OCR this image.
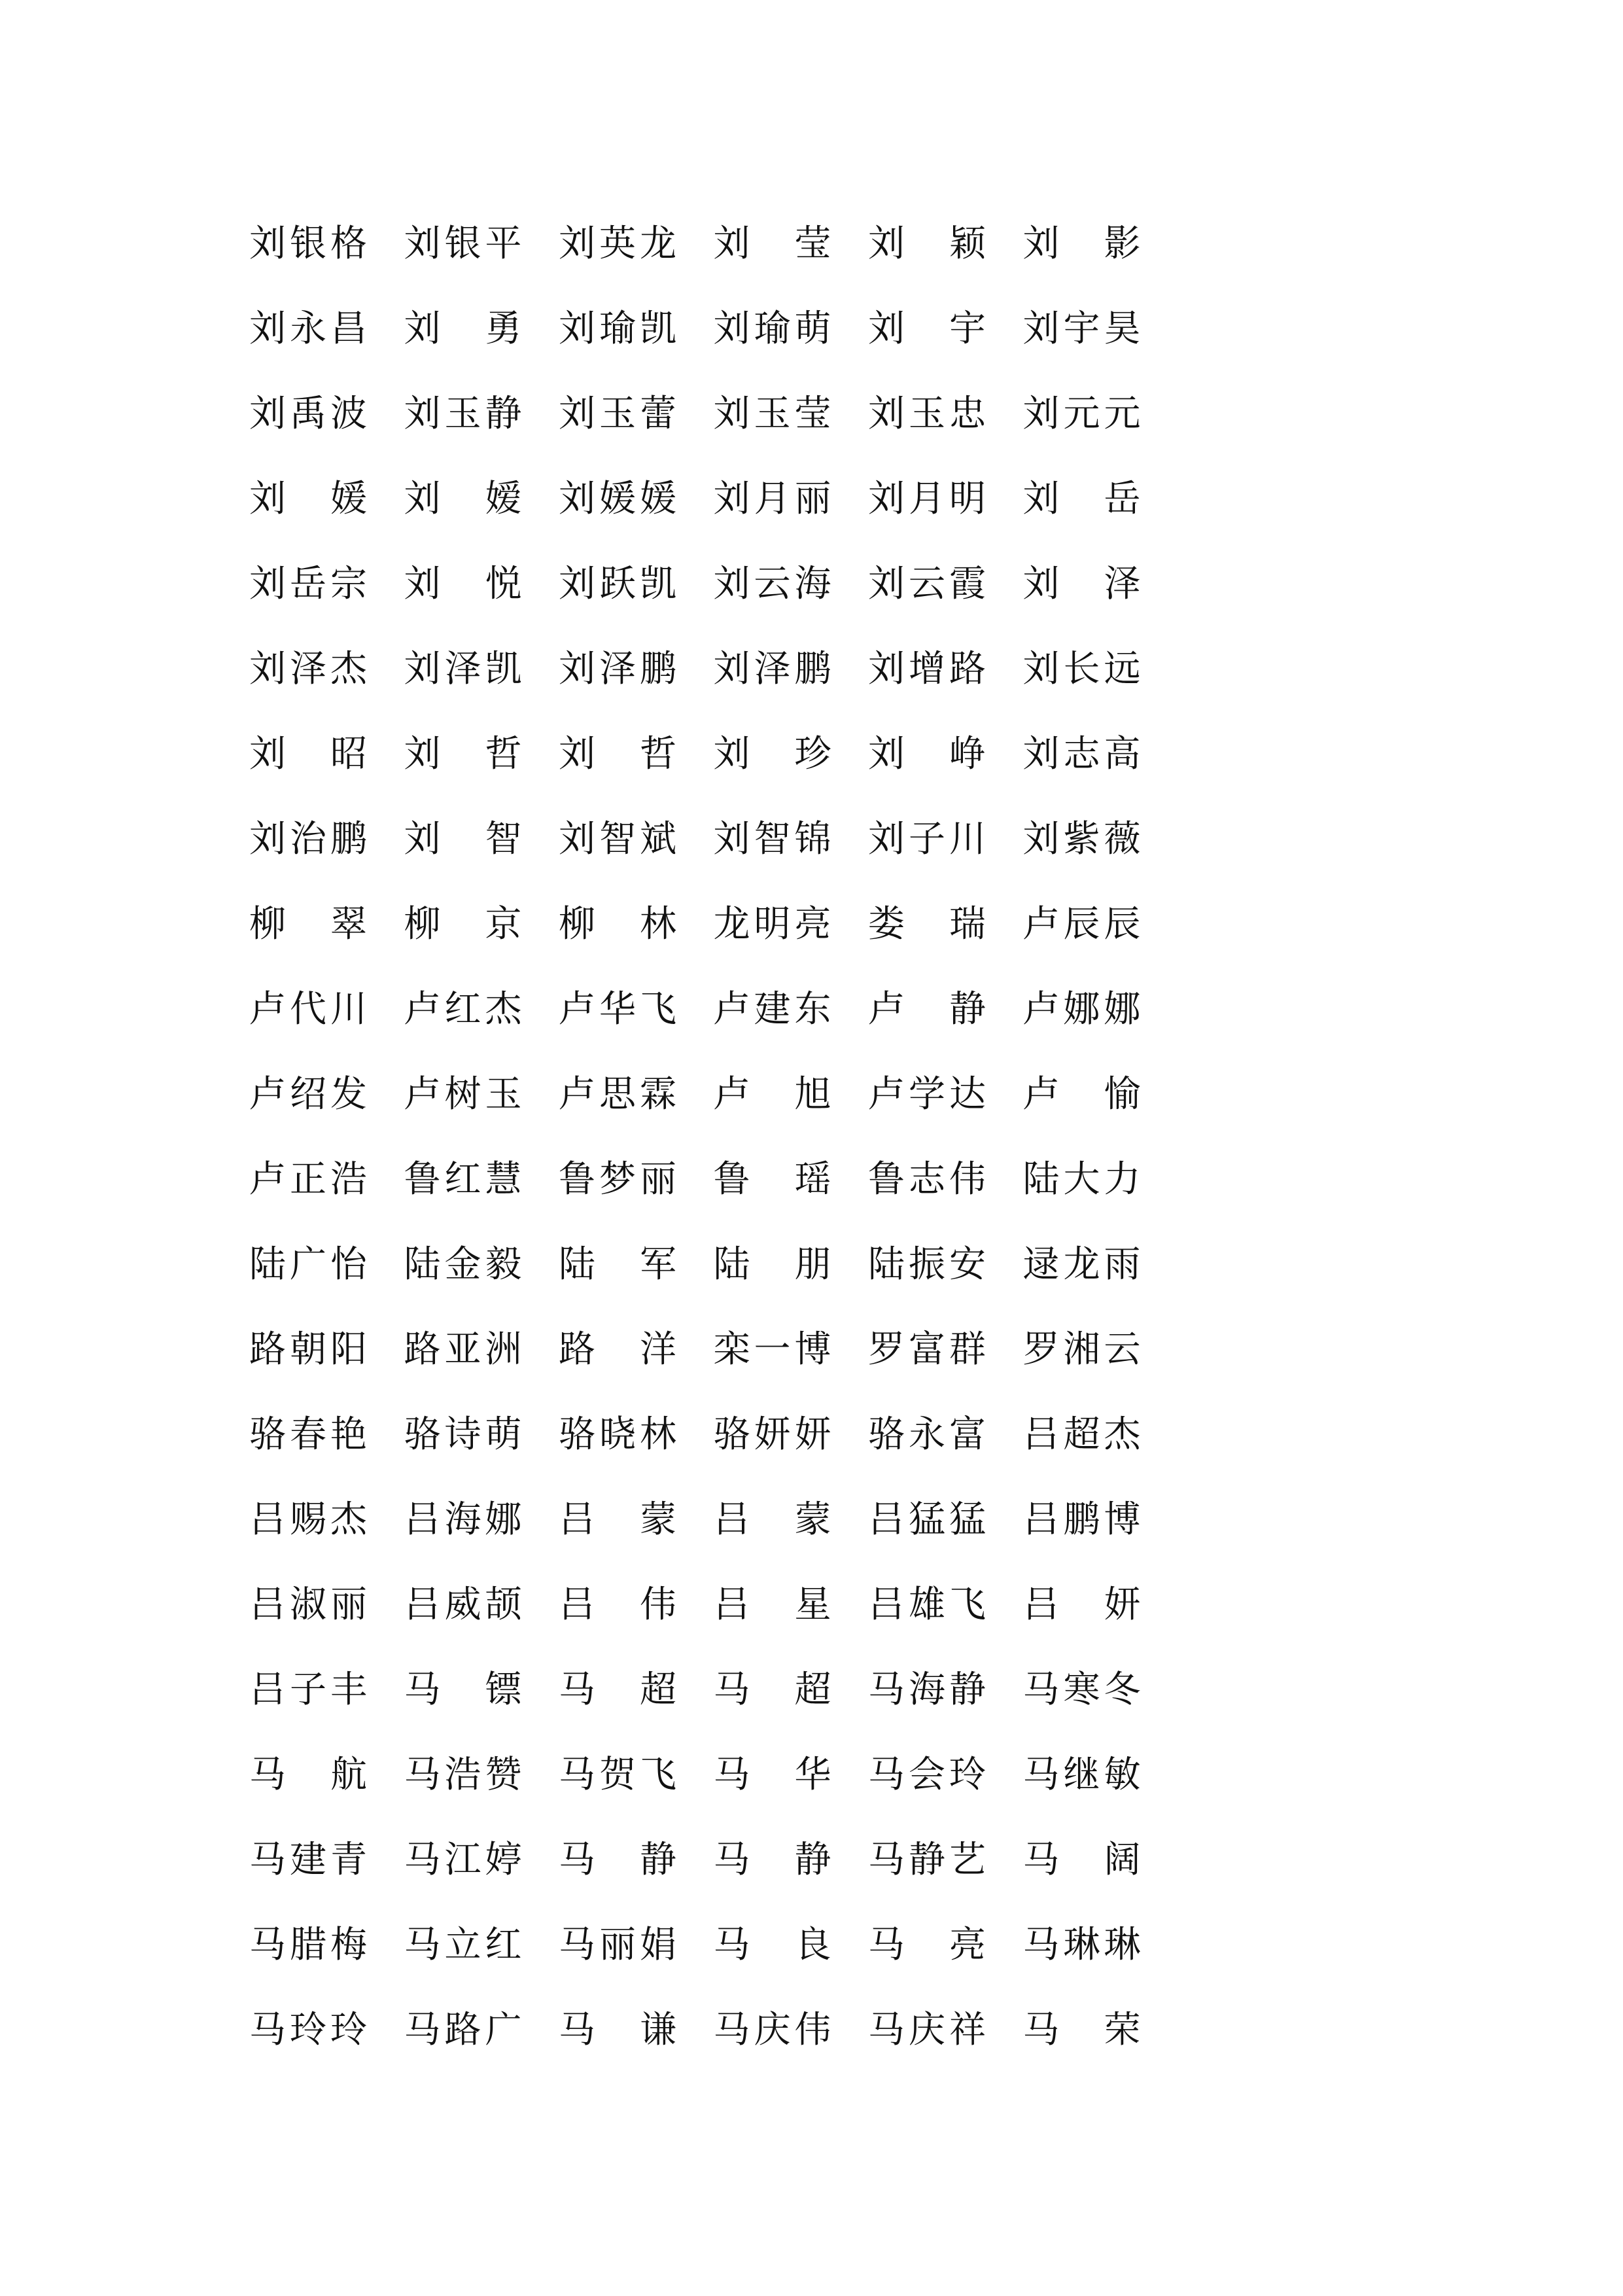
刘 银 格 刘 银 平 刘 英 龙 刘 莹 刘 颖 刘 影
刘 永 昌 刘 勇 刘 瑜 凯 刘 瑜 萌 刘 宇 刘 宇 昊
刘 禹 波 刘 玉 静 刘 玉 蕾 刘 玉 莹 刘 玉 忠 刘 元 元
刘 媛 刘 嫒 刘 媛 媛 刘 月 丽 刘 月 明 刘 岳
刘 岳 宗 刘 悦 刘 跃 凯 刘 云 海 刘 云 霞 刘 泽
刘 泽 杰 刘 泽 凯 刘 泽 鹏 刘 泽 鹏 刘 增 路 刘 长 远
刘 昭 刘 哲 刘 哲 刘 珍 刘 峥 刘 志 高
刘 治 鹏 刘 智 刘 智 斌 刘 智 锦 刘 子 川 刘 紫 薇
柳 翠 柳 京 柳 林 龙 明 亮 娄 瑞 卢 辰 辰
卢 代 川 卢 红 杰 卢 华 飞 卢 建 东 卢 静 卢 娜 娜
卢 绍 发 卢 树 玉 卢 思 霖 卢 旭 卢 学 达 卢 愉
卢 正 浩 鲁 红 慧 鲁 梦 丽 鲁 瑶 鲁 志 伟 陆 大 力
陆 广 怡 陆 金 毅 陆 军 陆 朋 陆 振 安 逯 龙 雨
路 朝 阳 路 亚 洲 路 洋 栾 一 博 罗 富 群 罗 湘 云
骆 春 艳 骆 诗 萌 骆 晓 林 骆 妍 妍 骆 永 富 吕 超 杰
吕 赐 杰 吕 海 娜 吕 蒙 吕 蒙 吕 猛 猛 吕 鹏 博
吕 淑 丽 吕 威 颉 吕 伟 吕 星 吕 雄 飞 吕 妍
吕 子 丰 马 镖 马 超 马 超 马 海 静 马 寒 冬
马 航 马 浩 赞 马 贺 飞 马 华 马 会 玲 马 继 敏
马 建 青 马 江 婷 马 静 马 静 马 静 艺 马 阔
马 腊 梅 马 立 红 马 丽 娟 马 良 马 亮 马 琳 琳
马 玲 玲 马 路 广 马 谦 马 庆 伟 马 庆 祥 马 荣
